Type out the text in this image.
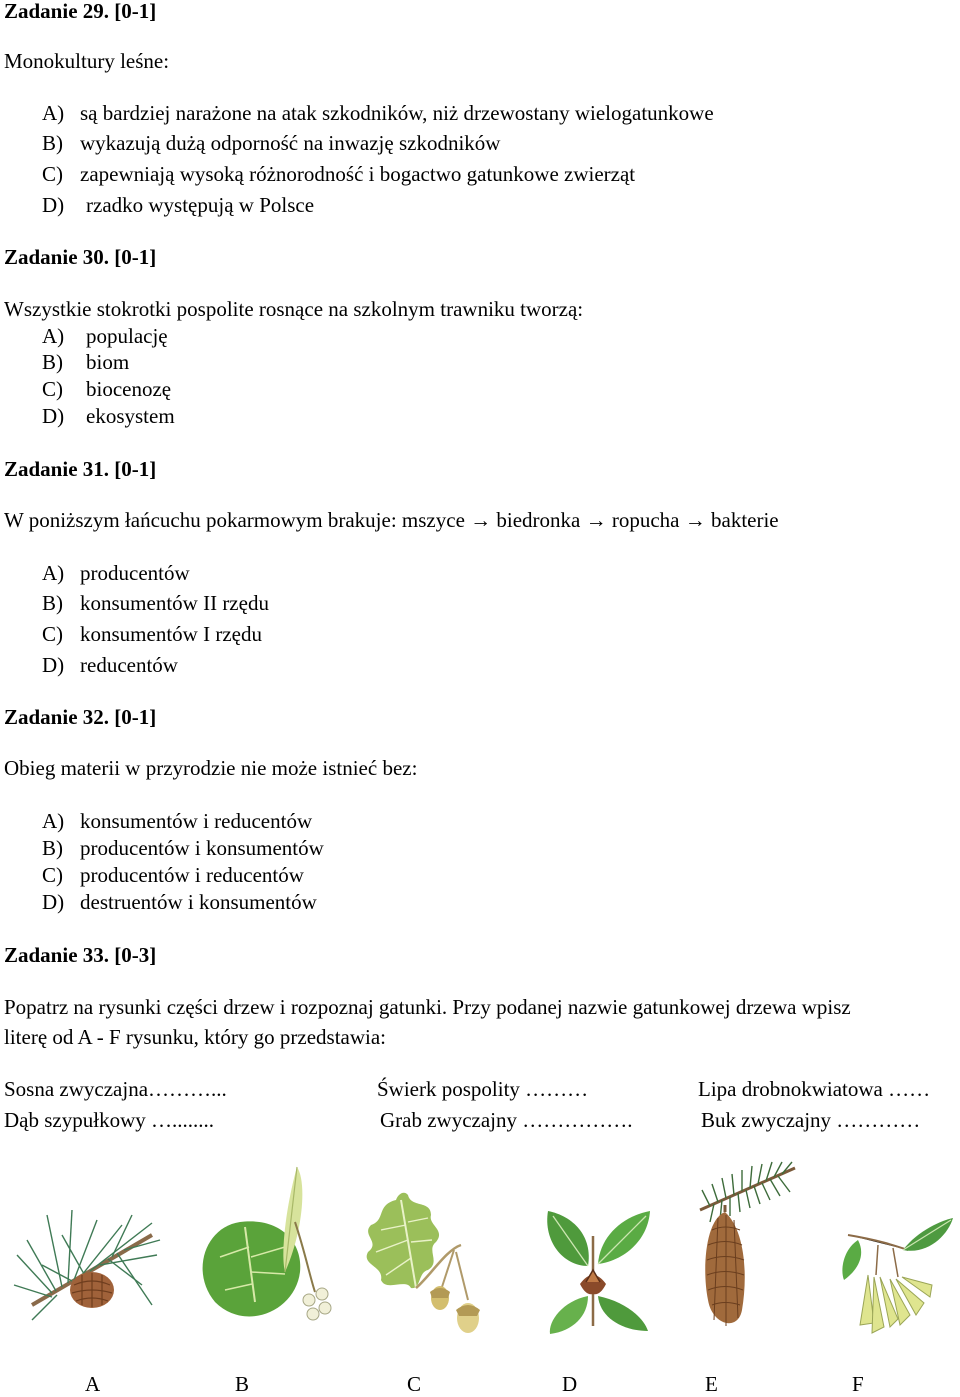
Zadanie 29. [0-1]
Monokultury leśne:
A) są bardziej narażone na atak szkodników, niż drzewostany wielogatunkowe
B) wykazują dużą odporność na inwazję szkodników
C) zapewniają wysoką różnorodność i bogactwo gatunkowe zwierząt
D) rzadko występują w Polsce
Zadanie 30. [0-1]
Wszystkie stokrotki pospolite rosnące na szkolnym trawniku tworzą:
A) populację
B) biom
C) biocenozę
D) ekosystem
Zadanie 31. [0-1]
W poniższym łańcuchu pokarmowym brakuje: mszyce → biedronka → ropucha → bakterie
A) producentów
B) konsumentów II rzędu
C) konsumentów I rzędu
D) reducentów
Zadanie 32. [0-1]
Obieg materii w przyrodzie nie może istnieć bez:
A) konsumentów i reducentów
B) producentów i konsumentów
C) producentów i reducentów
D) destruentów i konsumentów
Zadanie 33. [0-3]
Popatrz na rysunki części drzew i rozpoznaj gatunki. Przy podanej nazwie gatunkowej drzewa wpisz
literę od A - F rysunku, który go przedstawia:
Sosna zwyczajna………...	Świerk pospolity ………	Lipa drobnokwiatowa ……
Dąb szypułkowy …........	Grab zwyczajny …………….	Buk zwyczajny …………
A	B	C	D	E	F
